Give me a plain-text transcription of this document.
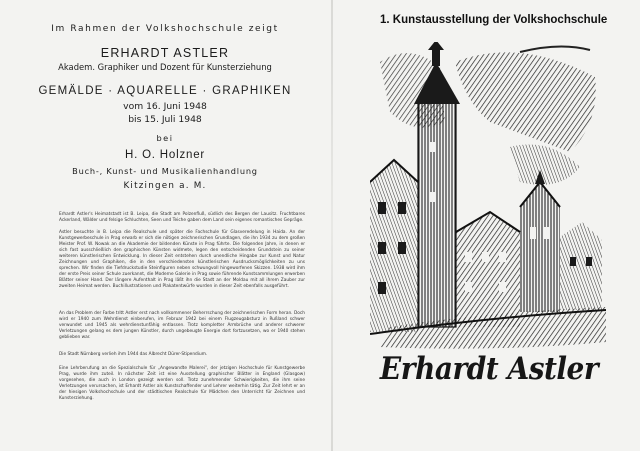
Im Rahmen der Volkshochschule zeigt
ERHARDT ASTLER
Akadem. Graphiker und Dozent für Kunsterziehung
GEMÄLDE · AQUARELLE · GRAPHIKEN
vom 16. Juni 1948
bis 15. Juli 1948
bei
H. O. Holzner
Buch-, Kunst- und Musikalienhandlung
Kitzingen a. M.

Erhardt Astler's Heimatstadt ist B. Leipa, die Stadt am Polzenfluß, südlich des Bergen der Lausitz. Fruchtbares Ackerland, Wälder und felsige Schluchten, Seen und Teiche gaben dem Land sein eigenes romantisches Gepräge.

Astler besuchte in B. Leipa die Realschule und später die Fachschule für Glasveredelung in Haida. An der Kunstgewerbeschule in Prag erwarb er sich die nötigen zeichnerischen Grundlagen, die ihn 1934 zu dem großen Meister Prof. W. Nowak an die Akademie der bildenden Künste in Prag führte. Die folgenden Jahre, in denen er sich fast ausschließlich den graphischen Künsten widmete, legen den entscheidenden Grundstein zu seiner weiteren künstlerischen Entwicklung. In dieser Zeit entstehen durch unendliche Hingabe zur Kunst und Natur Zeichnungen und Graphiken, die in den verschiedensten künstlerischen Ausdrucksmöglichkeiten zu uns sprechen. Wir finden die Tiefdruckstudie Steinfiguren neben schwungvoll hingeworfenen Skizzen. 1938 wird ihm der erste Preis seiner Schule zuerkannt, die Moderne Galerie in Prag sowie führende Kunstsammlungen erwerben Blätter seiner Hand. Der längere Aufenthalt in Prag läßt ihn die Stadt an der Moldau mit all ihrem Zauber zur zweiten Heimat werden. Buchillustrationen und Plakatentwürfe wurden in dieser Zeit ebenfalls ausgeführt.

An das Problem der Farbe tritt Astler erst nach vollkommener Beherrschung der zeichnerischen Form heran. Doch wird er 1940 zum Wehrdienst einberufen, im Februar 1942 bei einem Flugzeugabsturz in Rußland schwer verwundet und 1945 als wehrdienstunfähig entlassen. Trotz kompletter Armbrüche und anderer schwerer Verletzungen gelang es dem jungen Künstler, durch ungebeugte Energie dort fortzusetzen, wo er 1940 stehen geblieben war.

Die Stadt Nürnberg verlieh ihm 1944 das Albrecht Dürer-Stipendium.

Eine Lehrberufung an die Spezialschule für „Angewandte Malerei", der jetzigen Hochschule für Kunstgewerbe Prag, wurde ihm zuteil. In nächster Zeit ist eine Ausstellung graphischer Blätter in England (Glasgow) vorgesehen, die auch in London gezeigt werden soll. Trotz zunehmender Schwierigkeiten, die ihm seine Verletzungen verursachen, ist Erhardt Astler als Kunstschaffender und Lehrer weiterhin tätig. Zur Zeit lehrt er an der hiesigen Volkshochschule und der städtischen Realschule für Mädchen den Unterricht für Zeichnen und Kunsterziehung.

1. Kunstausstellung der Volkshochschule
Erhardt Astler
